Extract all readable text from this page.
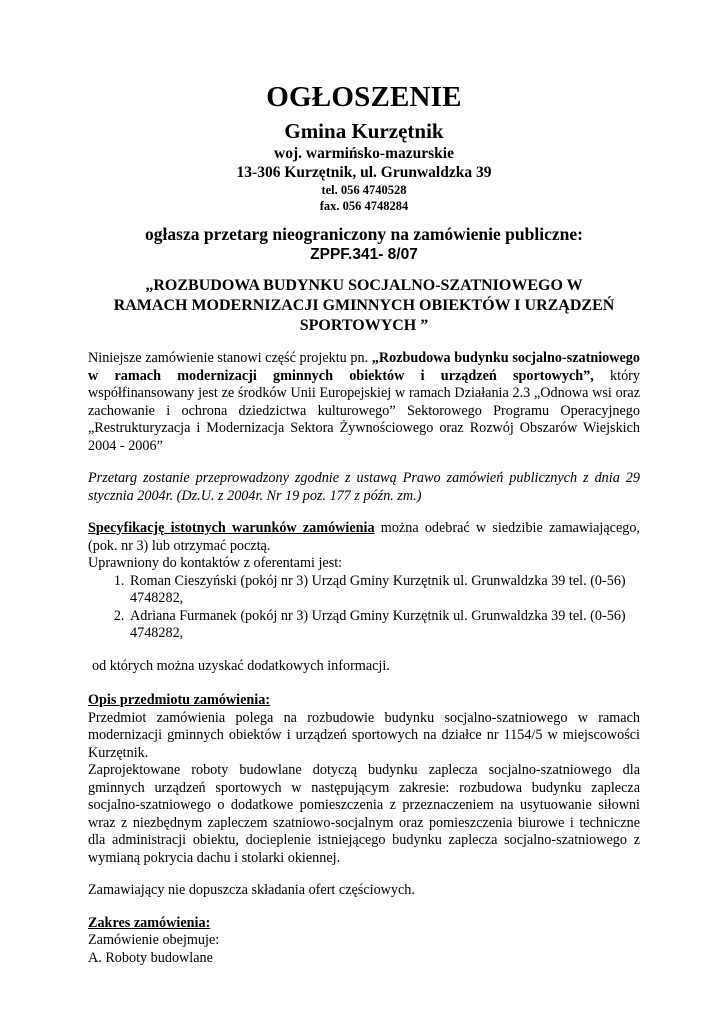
OGŁOSZENIE
Gmina Kurzętnik
woj. warmińsko-mazurskie
13-306 Kurzętnik, ul. Grunwaldzka 39
tel. 056 4740528
fax. 056 4748284
ogłasza przetarg nieograniczony na zamówienie publiczne:
ZPPF.341- 8/07
„ROZBUDOWA BUDYNKU SOCJALNO-SZATNIOWEGO W
RAMACH MODERNIZACJI GMINNYCH OBIEKTÓW I URZĄDZEŃ
SPORTOWYCH ”

Niniejsze zamówienie stanowi część projektu pn. „Rozbudowa budynku socjalno-szatniowego w ramach modernizacji gminnych obiektów i urządzeń sportowych”, który współfinansowany jest ze środków Unii Europejskiej w ramach Działania 2.3 „Odnowa wsi oraz zachowanie i ochrona dziedzictwa kulturowego” Sektorowego Programu Operacyjnego „Restrukturyzacja i Modernizacja Sektora Żywnościowego oraz Rozwój Obszarów Wiejskich 2004 - 2006”

Przetarg zostanie przeprowadzony zgodnie z ustawą Prawo zamówień publicznych z dnia 29 stycznia 2004r. (Dz.U. z 2004r. Nr 19 poz. 177 z późn. zm.)

Specyfikację istotnych warunków zamówienia można odebrać w siedzibie zamawiającego, (pok. nr 3) lub otrzymać pocztą.

Uprawniony do kontaktów z oferentami jest:

1. Roman Cieszyński (pokój nr 3) Urząd Gminy Kurzętnik ul. Grunwaldzka 39 tel. (0-56) 4748282,
2. Adriana Furmanek (pokój nr 3) Urząd Gminy Kurzętnik ul. Grunwaldzka 39 tel. (0-56) 4748282,

od których można uzyskać dodatkowych informacji.

Opis przedmiotu zamówienia:

Przedmiot zamówienia polega na rozbudowie budynku socjalno-szatniowego w ramach modernizacji gminnych obiektów i urządzeń sportowych na działce nr 1154/5 w miejscowości Kurzętnik.

Zaprojektowane roboty budowlane dotyczą budynku zaplecza socjalno-szatniowego dla gminnych urządzeń sportowych w następującym zakresie: rozbudowa budynku zaplecza socjalno-szatniowego o dodatkowe pomieszczenia z przeznaczeniem na usytuowanie siłowni wraz z niezbędnym zapleczem szatniowo-socjalnym oraz pomieszczenia biurowe i techniczne dla administracji obiektu, docieplenie istniejącego budynku zaplecza socjalno-szatniowego z wymianą pokrycia dachu i stolarki okiennej.

Zamawiający nie dopuszcza składania ofert częściowych.

Zakres zamówienia:

Zamówienie obejmuje:

A. Roboty budowlane
